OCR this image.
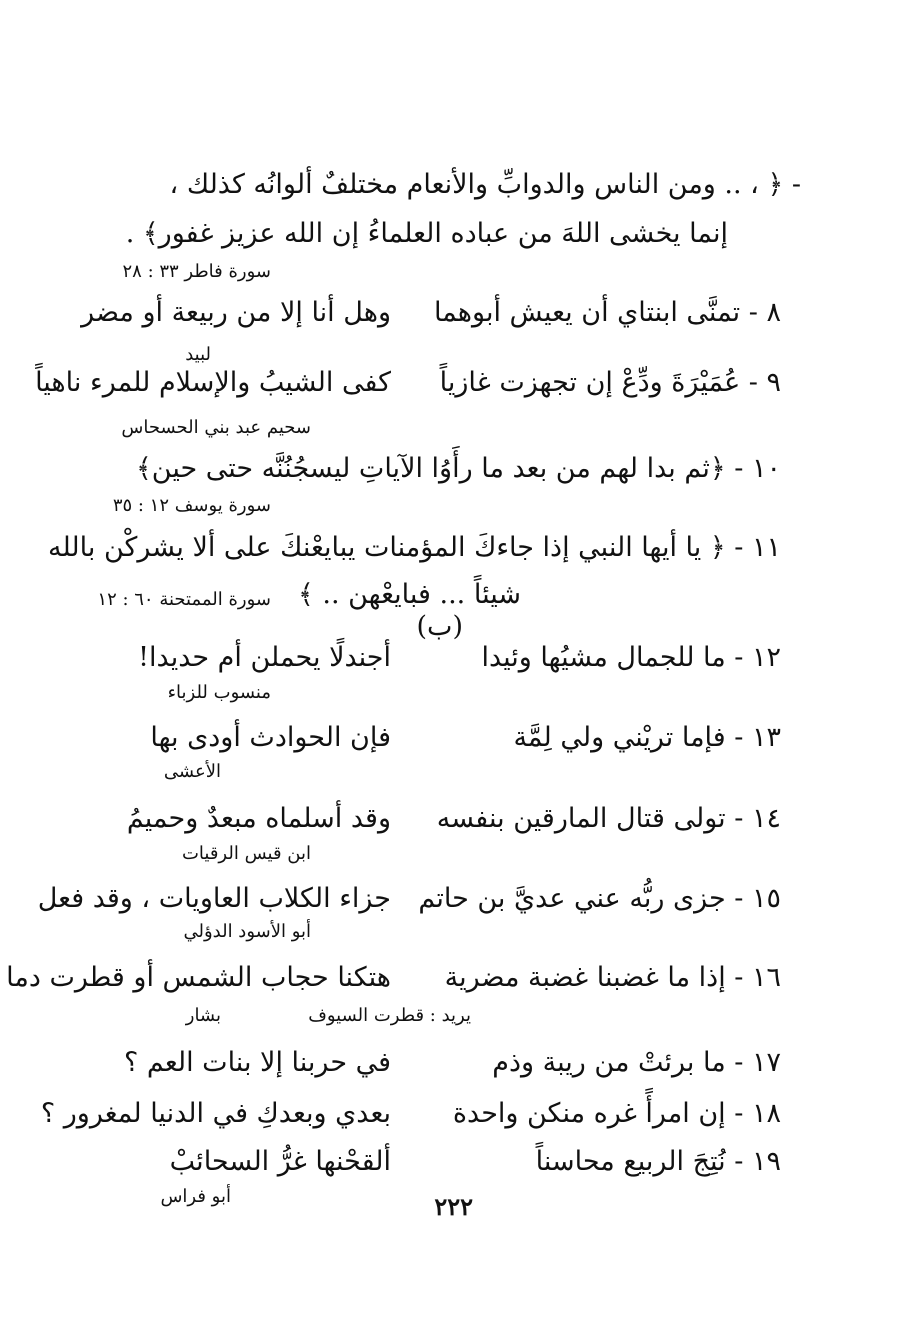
- ﴿ ، .. ومن الناس والدوابِّ والأنعام مختلفٌ ألوانُه كذلك ،
إنما يخشى اللهَ من عباده العلماءُ إن الله عزيز غفور﴾ .
سورة فاطر ٣٣ : ٢٨
٨ - تمنَّى ابنتاي أن يعيش أبوهما
وهل أنا إلا من ربيعة أو مضر
لبيد
٩ - عُمَيْرَةَ ودِّعْ إن تجهزت غازياً
كفى الشيبُ والإسلام للمرء ناهياً
سحيم عبد بني الحسحاس
١٠ - ﴿ثم بدا لهم من بعد ما رأَوُا الآياتِ ليسجُنُنَّه حتى حين﴾
سورة يوسف ١٢ : ٣٥
١١ - ﴿ يا أيها النبي إذا جاءكَ المؤمنات يبايعْنكَ على ألا يشركْن بالله
شيئاً ... فبايعْهن .. ﴾
سورة الممتحنة ٦٠ : ١٢
(ب)
١٢ - ما للجمال مشيُها وئيدا
أجندلًا يحملن أم حديدا!
منسوب للزباء
١٣ - فإما تريْني ولي لِمَّة
فإن الحوادث أودى بها
الأعشى
١٤ - تولى قتال المارقين بنفسه
وقد أسلماه مبعدٌ وحميمُ
ابن قيس الرقيات
١٥ - جزى ربُّه عني عديَّ بن حاتم
جزاء الكلاب العاويات ، وقد فعل
أبو الأسود الدؤلي
١٦ - إذا ما غضبنا غضبة مضرية
هتكنا حجاب الشمس أو قطرت دما
يريد : قطرت السيوف
بشار
١٧ - ما برئتْ من ريبة وذم
في حربنا إلا بنات العم ؟
١٨ - إن امرأً غره منكن واحدة
بعدي وبعدكِ في الدنيا لمغرور ؟
١٩ - نُتِجَ الربيع محاسناً
ألقحْنها غرُّ السحائبْ
أبو فراس	٢٢٢
